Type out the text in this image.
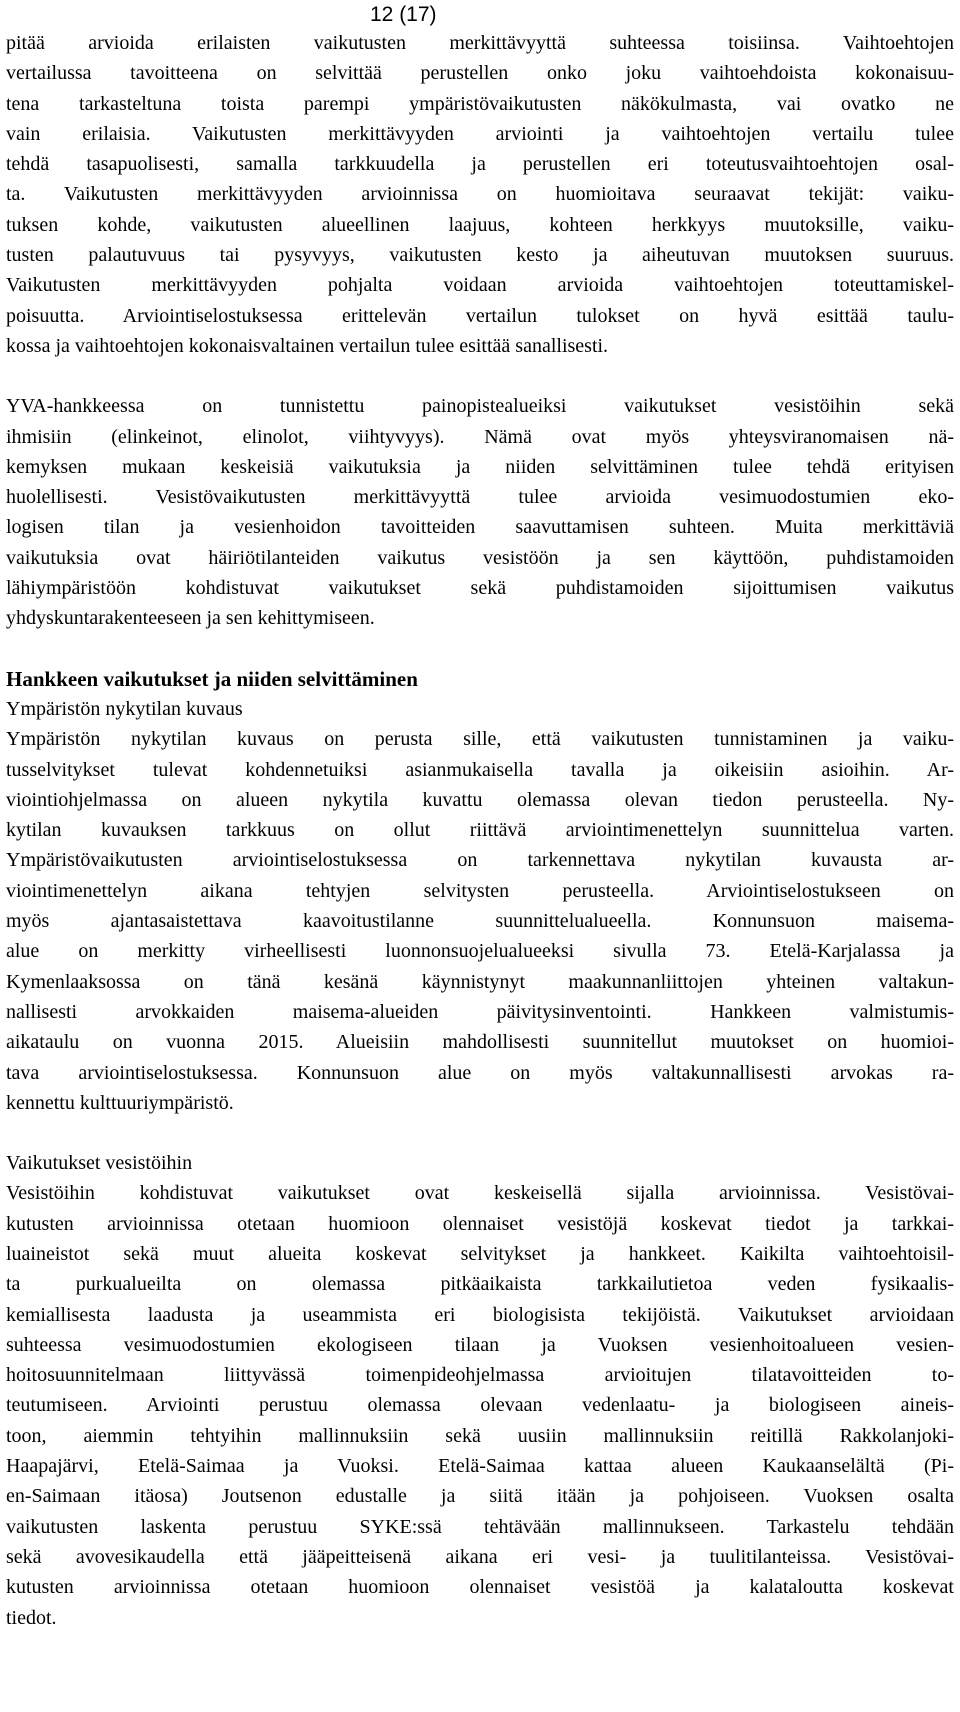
12 (17)
pitää arvioida erilaisten vaikutusten merkittävyyttä suhteessa toisiinsa. Vaihtoehtojen
vertailussa tavoitteena on selvittää perustellen onko joku vaihtoehdoista kokonaisuu-
tena tarkasteltuna toista parempi ympäristövaikutusten näkökulmasta, vai ovatko ne
vain erilaisia. Vaikutusten merkittävyyden arviointi ja vaihtoehtojen vertailu tulee
tehdä tasapuolisesti, samalla tarkkuudella ja perustellen eri toteutusvaihtoehtojen osal-
ta. Vaikutusten merkittävyyden arvioinnissa on huomioitava seuraavat tekijät: vaiku-
tuksen kohde, vaikutusten alueellinen laajuus, kohteen herkkyys muutoksille, vaiku-
tusten palautuvuus tai pysyvyys, vaikutusten kesto ja aiheutuvan muutoksen suuruus.
Vaikutusten merkittävyyden pohjalta voidaan arvioida vaihtoehtojen toteuttamiskel-
poisuutta. Arviointiselostuksessa erittelevän vertailun tulokset on hyvä esittää taulu-
kossa ja vaihtoehtojen kokonaisvaltainen vertailun tulee esittää sanallisesti.
YVA-hankkeessa on tunnistettu painopistealueiksi vaikutukset vesistöihin sekä
ihmisiin (elinkeinot, elinolot, viihtyvyys). Nämä ovat myös yhteysviranomaisen nä-
kemyksen mukaan keskeisiä vaikutuksia ja niiden selvittäminen tulee tehdä erityisen
huolellisesti. Vesistövaikutusten merkittävyyttä tulee arvioida vesimuodostumien eko-
logisen tilan ja vesienhoidon tavoitteiden saavuttamisen suhteen. Muita merkittäviä
vaikutuksia ovat häiriötilanteiden vaikutus vesistöön ja sen käyttöön, puhdistamoiden
lähiympäristöön kohdistuvat vaikutukset sekä puhdistamoiden sijoittumisen vaikutus
yhdyskuntarakenteeseen ja sen kehittymiseen.
Hankkeen vaikutukset ja niiden selvittäminen
Ympäristön nykytilan kuvaus
Ympäristön nykytilan kuvaus on perusta sille, että vaikutusten tunnistaminen ja vaiku-
tusselvitykset tulevat kohdennetuiksi asianmukaisella tavalla ja oikeisiin asioihin. Ar-
viointiohjelmassa on alueen nykytila kuvattu olemassa olevan tiedon perusteella. Ny-
kytilan kuvauksen tarkkuus on ollut riittävä arviointimenettelyn suunnittelua varten.
Ympäristövaikutusten arviointiselostuksessa on tarkennettava nykytilan kuvausta ar-
viointimenettelyn aikana tehtyjen selvitysten perusteella. Arviointiselostukseen on
myös ajantasaistettava kaavoitustilanne suunnittelualueella. Konnunsuon maisema-
alue on merkitty virheellisesti luonnonsuojelualueeksi sivulla 73. Etelä-Karjalassa ja
Kymenlaaksossa on tänä kesänä käynnistynyt maakunnanliittojen yhteinen valtakun-
nallisesti arvokkaiden maisema-alueiden päivitysinventointi. Hankkeen valmistumis-
aikataulu on vuonna 2015. Alueisiin mahdollisesti suunnitellut muutokset on huomioi-
tava arviointiselostuksessa. Konnunsuon alue on myös valtakunnallisesti arvokas ra-
kennettu kulttuuriympäristö.
Vaikutukset vesistöihin
Vesistöihin kohdistuvat vaikutukset ovat keskeisellä sijalla arvioinnissa. Vesistövai-
kutusten arvioinnissa otetaan huomioon olennaiset vesistöjä koskevat tiedot ja tarkkai-
luaineistot sekä muut alueita koskevat selvitykset ja hankkeet. Kaikilta vaihtoehtoisil-
ta purkualueilta on olemassa pitkäaikaista tarkkailutietoa veden fysikaalis-
kemiallisesta laadusta ja useammista eri biologisista tekijöistä. Vaikutukset arvioidaan
suhteessa vesimuodostumien ekologiseen tilaan ja Vuoksen vesienhoitoalueen vesien-
hoitosuunnitelmaan liittyvässä toimenpideohjelmassa arvioitujen tilatavoitteiden to-
teutumiseen. Arviointi perustuu olemassa olevaan vedenlaatu- ja biologiseen aineis-
toon, aiemmin tehtyihin mallinnuksiin sekä uusiin mallinnuksiin reitillä Rakkolanjoki-
Haapajärvi, Etelä-Saimaa ja Vuoksi. Etelä-Saimaa kattaa alueen Kaukaanselältä (Pi-
en-Saimaan itäosa) Joutsenon edustalle ja siitä itään ja pohjoiseen. Vuoksen osalta
vaikutusten laskenta perustuu SYKE:ssä tehtävään mallinnukseen. Tarkastelu tehdään
sekä avovesikaudella että jääpeitteisenä aikana eri vesi- ja tuulitilanteissa. Vesistövai-
kutusten arvioinnissa otetaan huomioon olennaiset vesistöä ja kalataloutta koskevat
tiedot.
